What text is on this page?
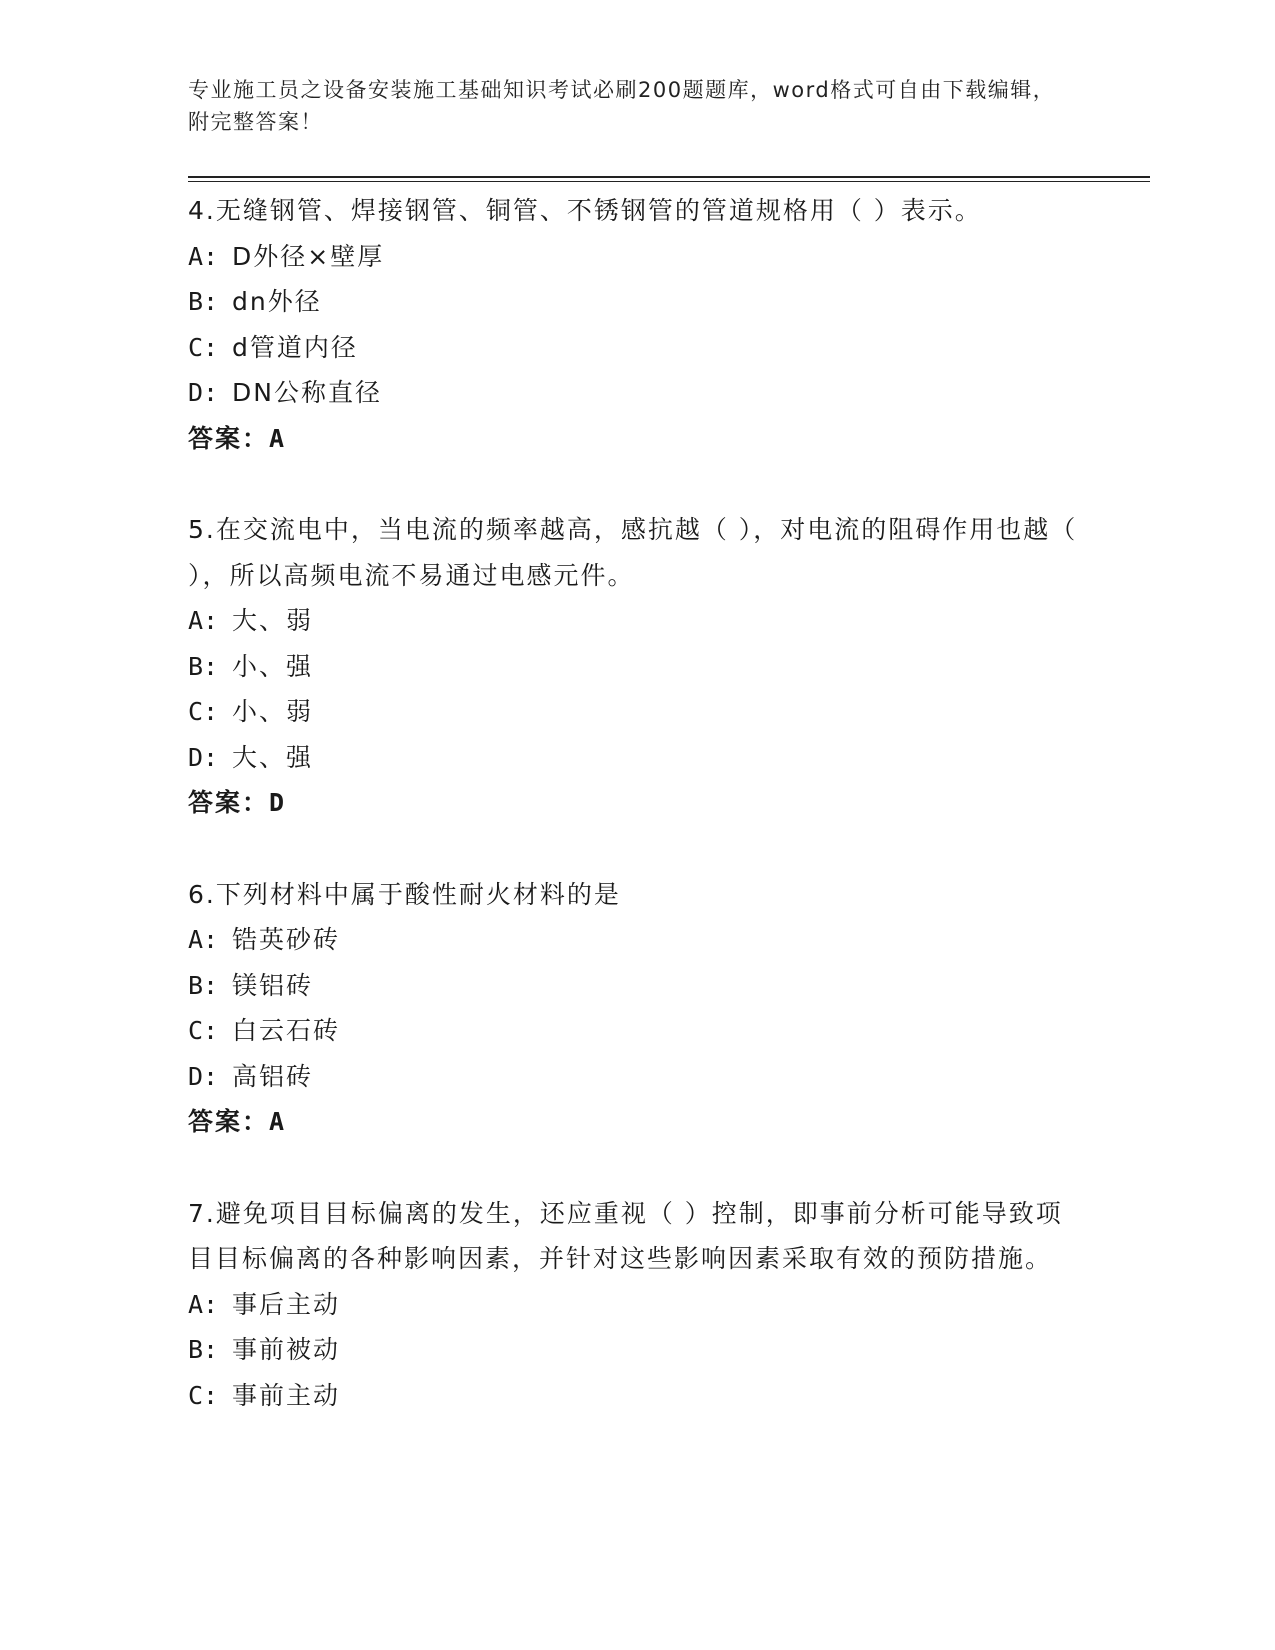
专业施工员之设备安装施工基础知识考试必刷200题题库，word格式可自由下载编辑，附完整答案！

4.无缝钢管、焊接钢管、铜管、不锈钢管的管道规格用（ ）表示。

A: D外径×壁厚

B: dn外径

C: d管道内径

D: DN公称直径

答案：A

5.在交流电中，当电流的频率越高，感抗越（ ），对电流的阻碍作用也越（ ），所以高频电流不易通过电感元件。

A: 大、弱

B: 小、强

C: 小、弱

D: 大、强

答案：D

6.下列材料中属于酸性耐火材料的是

A: 锆英砂砖

B: 镁铝砖

C: 白云石砖

D: 高铝砖

答案：A

7.避免项目目标偏离的发生，还应重视（ ）控制，即事前分析可能导致项目目标偏离的各种影响因素，并针对这些影响因素采取有效的预防措施。

A: 事后主动

B: 事前被动

C: 事前主动
